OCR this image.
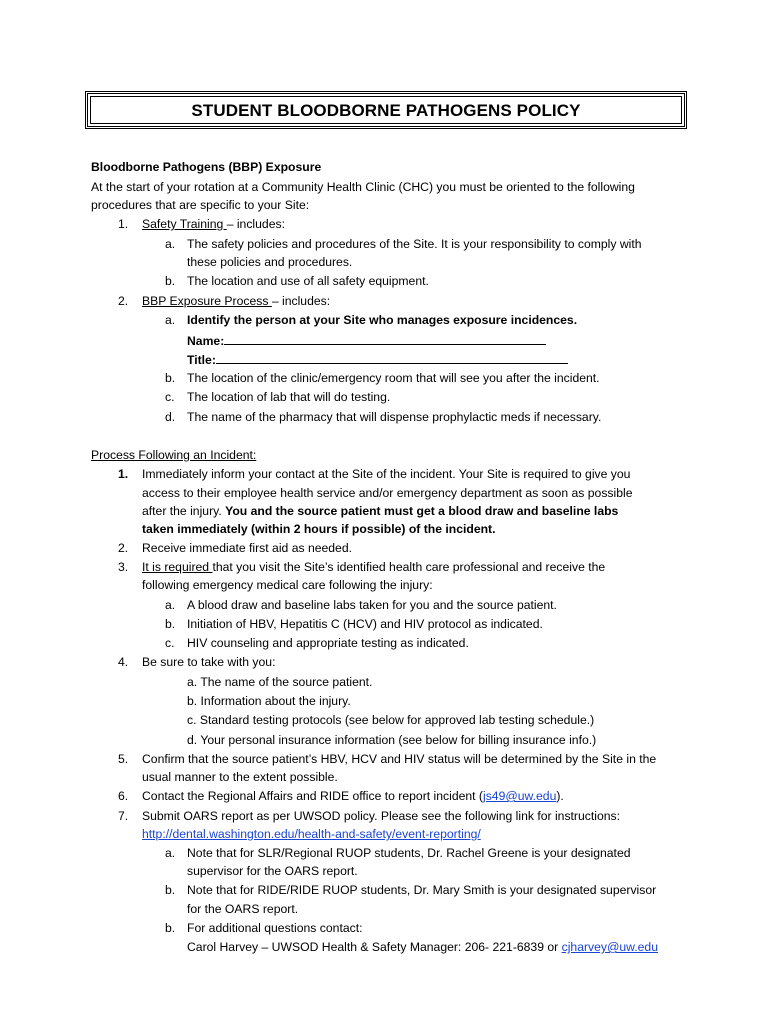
STUDENT BLOODBORNE PATHOGENS POLICY
Bloodborne Pathogens (BBP) Exposure
At the start of your rotation at a Community Health Clinic (CHC) you must be oriented to the following
procedures that are specific to your Site:
1. Safety Training – includes:
a. The safety policies and procedures of the Site. It is your responsibility to comply with
these policies and procedures.
b. The location and use of all safety equipment.
2. BBP Exposure Process – includes:
a. Identify the person at your Site who manages exposure incidences.
Name:
Title:
b. The location of the clinic/emergency room that will see you after the incident.
c. The location of lab that will do testing.
d. The name of the pharmacy that will dispense prophylactic meds if necessary.
Process Following an Incident:
1. Immediately inform your contact at the Site of the incident. Your Site is required to give you
access to their employee health service and/or emergency department as soon as possible
after the injury. You and the source patient must get a blood draw and baseline labs
taken immediately (within 2 hours if possible) of the incident.
2. Receive immediate first aid as needed.
3. It is required that you visit the Site’s identified health care professional and receive the
following emergency medical care following the injury:
a. A blood draw and baseline labs taken for you and the source patient.
b. Initiation of HBV, Hepatitis C (HCV) and HIV protocol as indicated.
c. HIV counseling and appropriate testing as indicated.
4. Be sure to take with you:
a. The name of the source patient.
b. Information about the injury.
c. Standard testing protocols (see below for approved lab testing schedule.)
d. Your personal insurance information (see below for billing insurance info.)
5. Confirm that the source patient’s HBV, HCV and HIV status will be determined by the Site in the
usual manner to the extent possible.
6. Contact the Regional Affairs and RIDE office to report incident (js49@uw.edu).
7. Submit OARS report as per UWSOD policy. Please see the following link for instructions:
http://dental.washington.edu/health-and-safety/event-reporting/
a. Note that for SLR/Regional RUOP students, Dr. Rachel Greene is your designated
supervisor for the OARS report.
b. Note that for RIDE/RIDE RUOP students, Dr. Mary Smith is your designated supervisor
for the OARS report.
b. For additional questions contact:
Carol Harvey – UWSOD Health & Safety Manager: 206- 221-6839 or cjharvey@uw.edu
